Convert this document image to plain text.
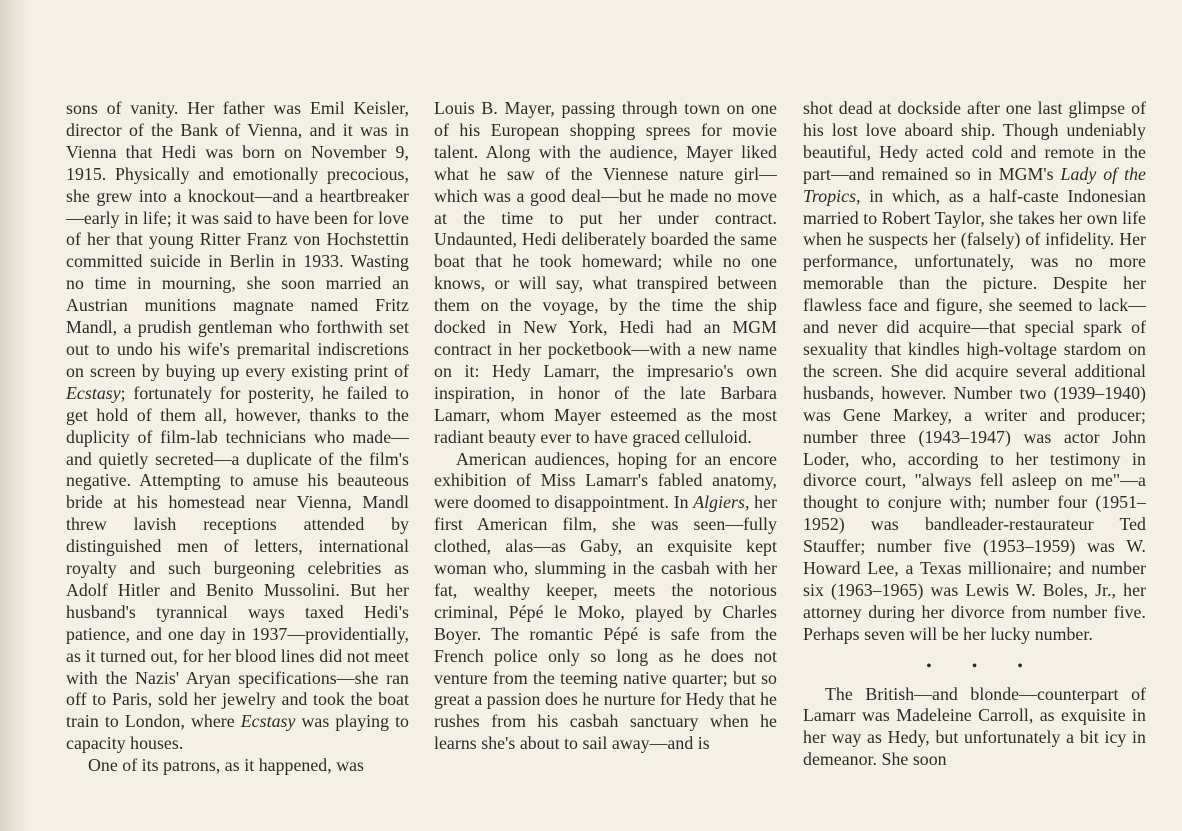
sons of vanity. Her father was Emil Keisler, director of the Bank of Vienna, and it was in Vienna that Hedi was born on November 9, 1915. Physically and emotionally precocious, she grew into a knockout—and a heartbreaker—early in life; it was said to have been for love of her that young Ritter Franz von Hochstettin committed suicide in Berlin in 1933. Wasting no time in mourning, she soon married an Austrian munitions magnate named Fritz Mandl, a prudish gentleman who forthwith set out to undo his wife's premarital indiscretions on screen by buying up every existing print of Ecstasy; fortunately for posterity, he failed to get hold of them all, however, thanks to the duplicity of film-lab technicians who made—and quietly secreted—a duplicate of the film's negative. Attempting to amuse his beauteous bride at his homestead near Vienna, Mandl threw lavish receptions attended by distinguished men of letters, international royalty and such burgeoning celebrities as Adolf Hitler and Benito Mussolini. But her husband's tyrannical ways taxed Hedi's patience, and one day in 1937—providentially, as it turned out, for her blood lines did not meet with the Nazis' Aryan specifications—she ran off to Paris, sold her jewelry and took the boat train to London, where Ecstasy was playing to capacity houses.

One of its patrons, as it happened, was

Louis B. Mayer, passing through town on one of his European shopping sprees for movie talent. Along with the audience, Mayer liked what he saw of the Viennese nature girl—which was a good deal—but he made no move at the time to put her under contract. Undaunted, Hedi deliberately boarded the same boat that he took homeward; while no one knows, or will say, what transpired between them on the voyage, by the time the ship docked in New York, Hedi had an MGM contract in her pocketbook—with a new name on it: Hedy Lamarr, the impresario's own inspiration, in honor of the late Barbara Lamarr, whom Mayer esteemed as the most radiant beauty ever to have graced celluloid.

American audiences, hoping for an encore exhibition of Miss Lamarr's fabled anatomy, were doomed to disappointment. In Algiers, her first American film, she was seen—fully clothed, alas—as Gaby, an exquisite kept woman who, slumming in the casbah with her fat, wealthy keeper, meets the notorious criminal, Pépé le Moko, played by Charles Boyer. The romantic Pépé is safe from the French police only so long as he does not venture from the teeming native quarter; but so great a passion does he nurture for Hedy that he rushes from his casbah sanctuary when he learns she's about to sail away—and is

shot dead at dockside after one last glimpse of his lost love aboard ship. Though undeniably beautiful, Hedy acted cold and remote in the part—and remained so in MGM's Lady of the Tropics, in which, as a half-caste Indonesian married to Robert Taylor, she takes her own life when he suspects her (falsely) of infidelity. Her performance, unfortunately, was no more memorable than the picture. Despite her flawless face and figure, she seemed to lack—and never did acquire—that special spark of sexuality that kindles high-voltage stardom on the screen. She did acquire several additional husbands, however. Number two (1939–1940) was Gene Markey, a writer and producer; number three (1943–1947) was actor John Loder, who, according to her testimony in divorce court, "always fell asleep on me"—a thought to conjure with; number four (1951–1952) was bandleader-restaurateur Ted Stauffer; number five (1953–1959) was W. Howard Lee, a Texas millionaire; and number six (1963–1965) was Lewis W. Boles, Jr., her attorney during her divorce from number five. Perhaps seven will be her lucky number.

• • •

The British—and blonde—counterpart of Lamarr was Madeleine Carroll, as exquisite in her way as Hedy, but unfortunately a bit icy in demeanor. She soon
